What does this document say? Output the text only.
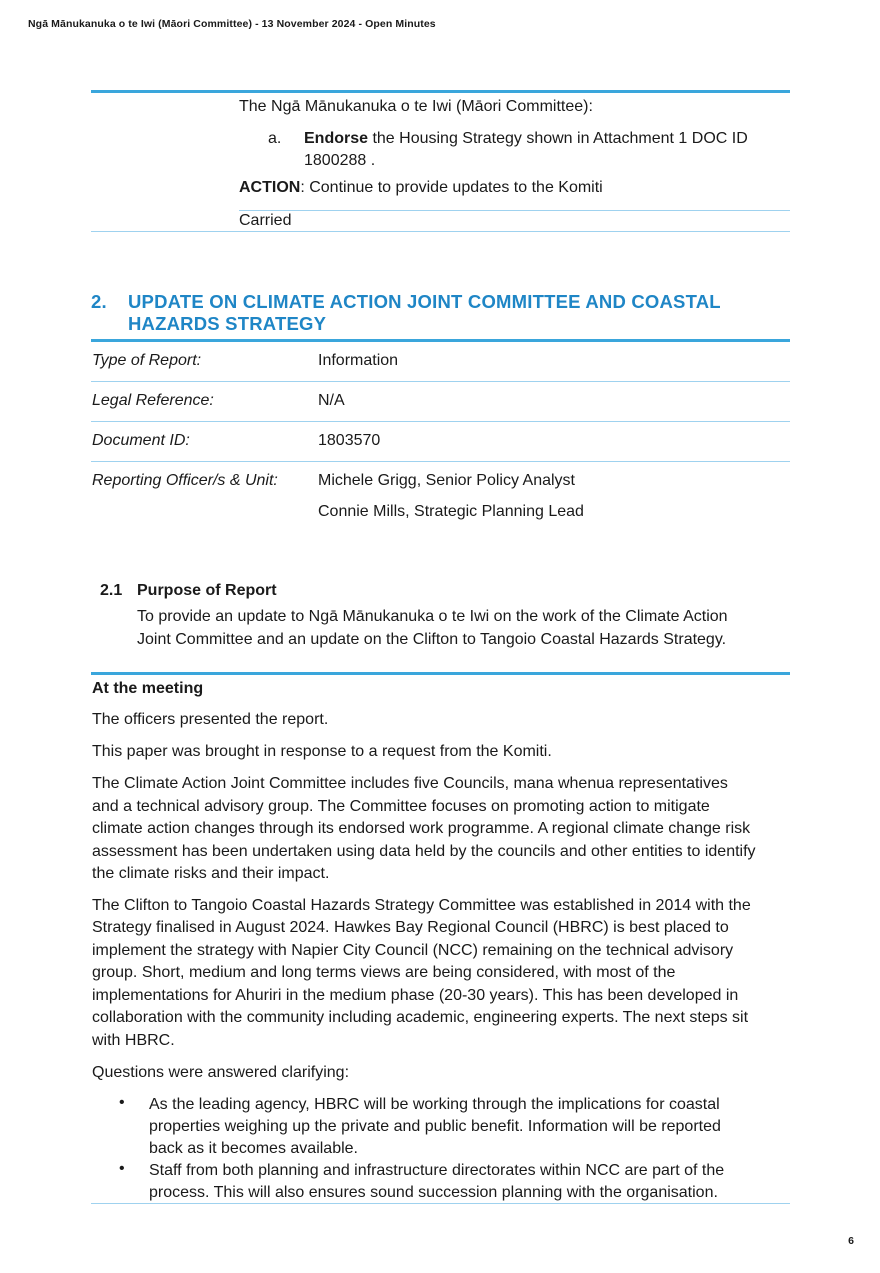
Ngā Mānukanuka o te Iwi (Māori Committee) - 13 November 2024 - Open Minutes
The Ngā Mānukanuka o te Iwi (Māori Committee):
a. Endorse the Housing Strategy shown in Attachment 1 DOC ID
1800288 .
ACTION: Continue to provide updates to the Komiti
Carried
2. UPDATE ON CLIMATE ACTION JOINT COMMITTEE AND COASTAL
HAZARDS STRATEGY
Type of Report:	Information
Legal Reference:	N/A
Document ID:	1803570
Reporting Officer/s & Unit:	Michele Grigg, Senior Policy Analyst
Connie Mills, Strategic Planning Lead
2.1 Purpose of Report
To provide an update to Ngā Mānukanuka o te Iwi on the work of the Climate Action
Joint Committee and an update on the Clifton to Tangoio Coastal Hazards Strategy.
At the meeting
The officers presented the report.
This paper was brought in response to a request from the Komiti.
The Climate Action Joint Committee includes five Councils, mana whenua representatives
and a technical advisory group. The Committee focuses on promoting action to mitigate
climate action changes through its endorsed work programme. A regional climate change risk
assessment has been undertaken using data held by the councils and other entities to identify
the climate risks and their impact.
The Clifton to Tangoio Coastal Hazards Strategy Committee was established in 2014 with the
Strategy finalised in August 2024. Hawkes Bay Regional Council (HBRC) is best placed to
implement the strategy with Napier City Council (NCC) remaining on the technical advisory
group. Short, medium and long terms views are being considered, with most of the
implementations for Ahuriri in the medium phase (20-30 years). This has been developed in
collaboration with the community including academic, engineering experts. The next steps sit
with HBRC.
Questions were answered clarifying:
• As the leading agency, HBRC will be working through the implications for coastal
properties weighing up the private and public benefit. Information will be reported
back as it becomes available.
• Staff from both planning and infrastructure directorates within NCC are part of the
process. This will also ensures sound succession planning with the organisation.
6
